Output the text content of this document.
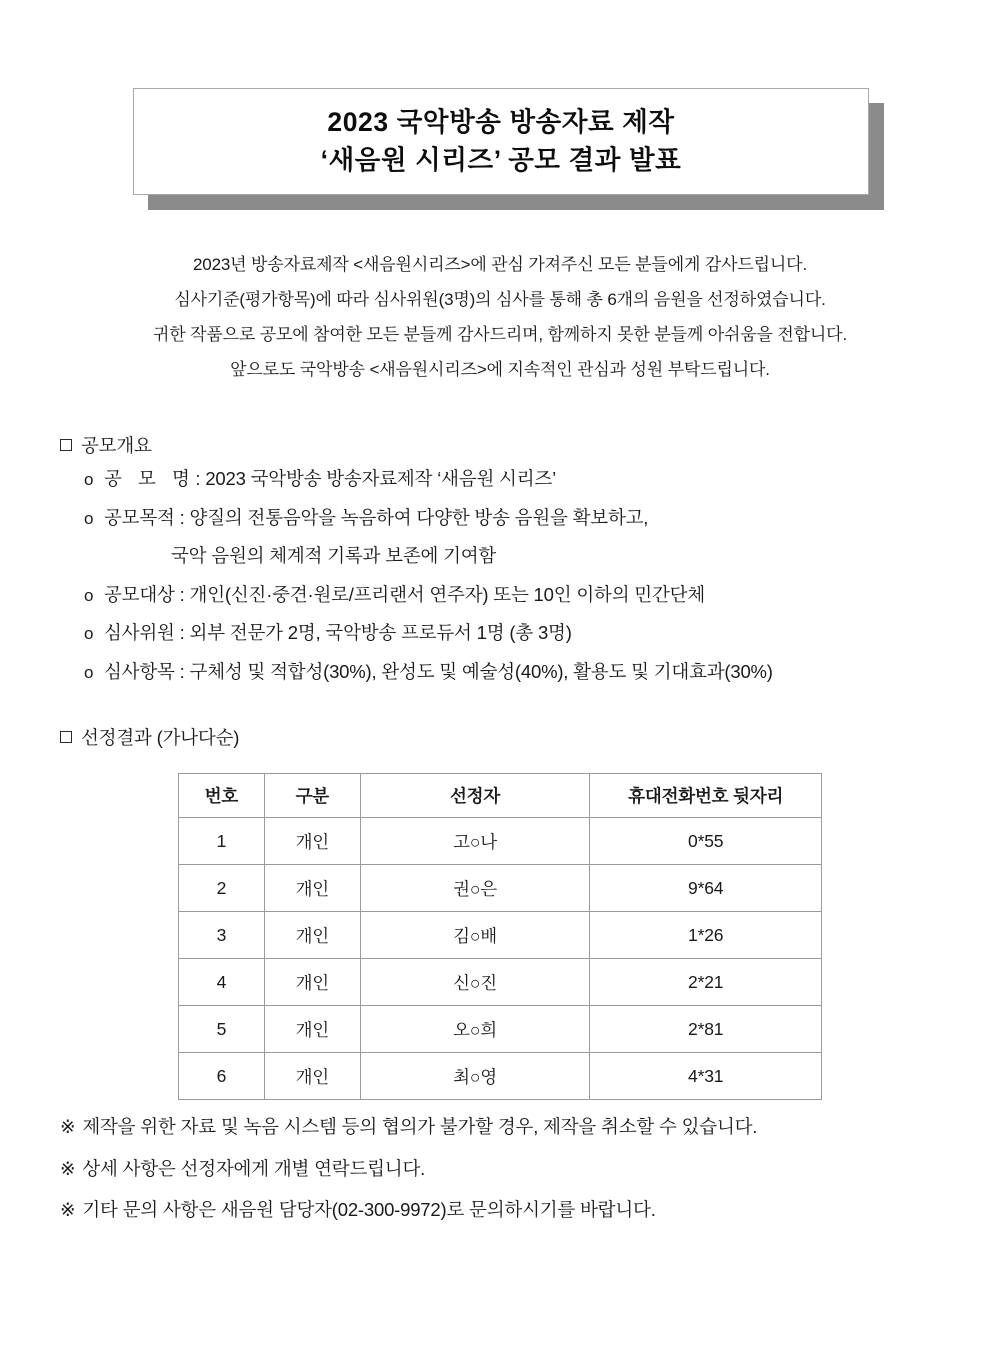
2023 국악방송 방송자료 제작
‘새음원 시리즈’ 공모 결과 발표
2023년 방송자료제작 <새음원시리즈>에 관심 가져주신 모든 분들에게 감사드립니다.
심사기준(평가항목)에 따라 심사위원(3명)의 심사를 통해 총 6개의 음원을 선정하였습니다.
귀한 작품으로 공모에 참여한 모든 분들께 감사드리며, 함께하지 못한 분들께 아쉬움을 전합니다.
앞으로도 국악방송 <새음원시리즈>에 지속적인 관심과 성원 부탁드립니다.
공모개요
o 공 모 명: 2023 국악방송 방송자료제작 ‘새음원 시리즈’
o 공모목적 : 양질의 전통음악을 녹음하여 다양한 방송 음원을 확보하고,
국악 음원의 체계적 기록과 보존에 기여함
o 공모대상 : 개인(신진·중견·원로/프리랜서 연주자) 또는 10인 이하의 민간단체
o 심사위원 : 외부 전문가 2명, 국악방송 프로듀서 1명 (총 3명)
o 심사항목 : 구체성 및 적합성(30%), 완성도 및 예술성(40%), 활용도 및 기대효과(30%)
선정결과 (가나다순)
번호	구분	선정자	휴대전화번호 뒷자리
1	개인	고○나	0*55
2	개인	권○은	9*64
3	개인	김○배	1*26
4	개인	신○진	2*21
5	개인	오○희	2*81
6	개인	최○영	4*31
※ 제작을 위한 자료 및 녹음 시스템 등의 협의가 불가할 경우, 제작을 취소할 수 있습니다.
※ 상세 사항은 선정자에게 개별 연락드립니다.
※ 기타 문의 사항은 새음원 담당자(02-300-9972)로 문의하시기를 바랍니다.
